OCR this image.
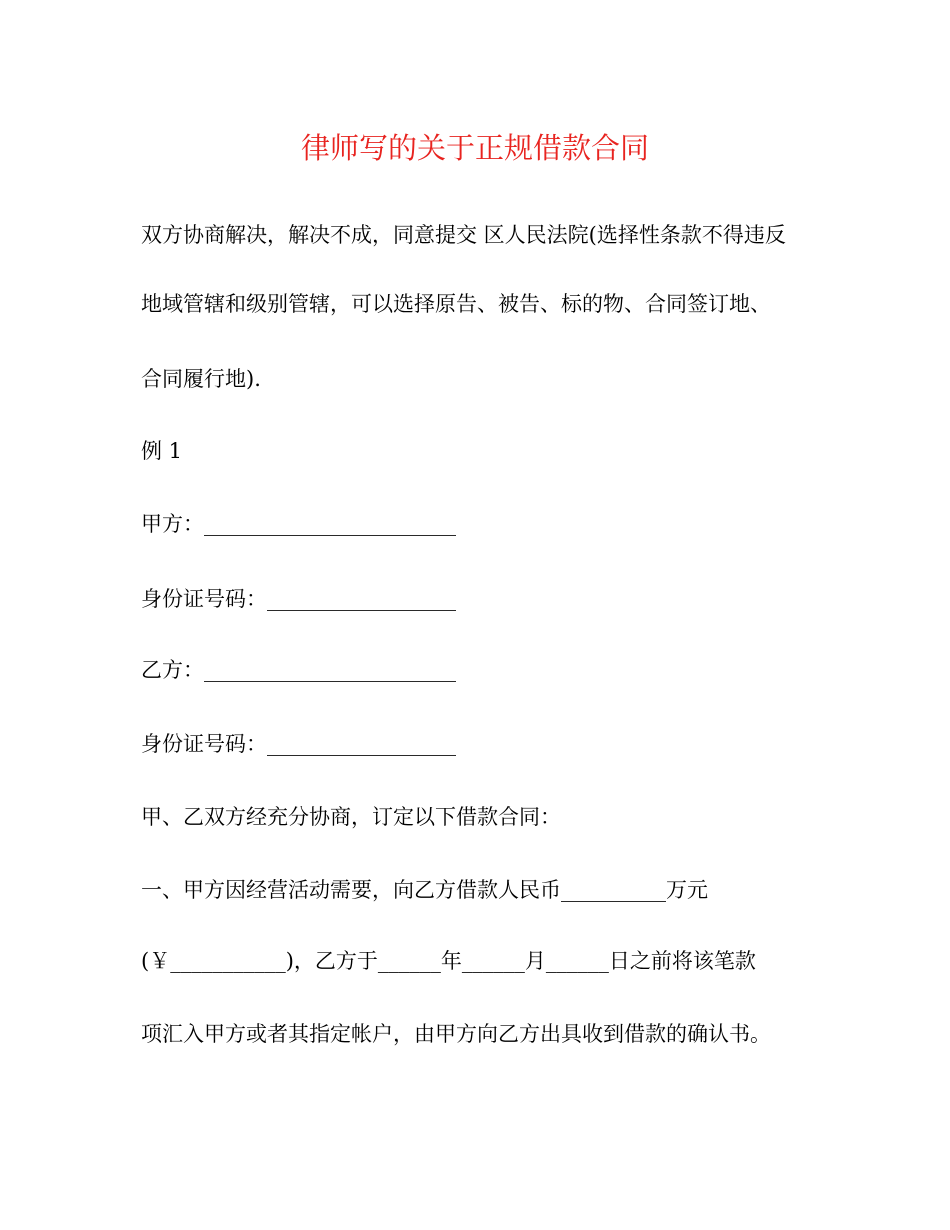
律师写的关于正规借款合同
双方协商解决，解决不成，同意提交 区人民法院(选择性条款不得违反
地域管辖和级别管辖，可以选择原告、被告、标的物、合同签订地、
合同履行地).
例 1
甲方：________________________
身份证号码：__________________
乙方：________________________
身份证号码：__________________
甲、乙双方经充分协商，订定以下借款合同：
一、甲方因经营活动需要，向乙方借款人民币__________万元
(￥___________)，乙方于______年______月______日之前将该笔款
项汇入甲方或者其指定帐户，由甲方向乙方出具收到借款的确认书。
